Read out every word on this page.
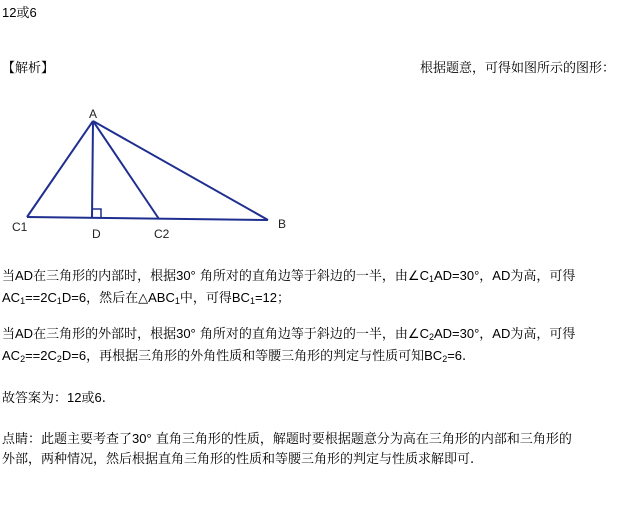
12或6
【解析】	根据题意，可得如图所示的图形：
A
B
C1	D	C2
当AD在三角形的内部时，根据30° 角所对的直角边等于斜边的一半，由$\angle C_1AD=30^\circ$，AD为高，可得
$AC_1==2C_1D=6$，然后在$\triangle ABC_1$中，可得$BC_1=12$；
当AD在三角形的外部时，根据30° 角所对的直角边等于斜边的一半，由$\angle C_2AD=30^\circ$，AD为高，可得
$AC_2==2C_2D=6$，再根据三角形的外角性质和等腰三角形的判定与性质可知$BC_2=6$.
故答案为：12或6.
点睛：此题主要考查了30° 直角三角形的性质，解题时要根据题意分为高在三角形的内部和三角形的
外部，两种情况，然后根据直角三角形的性质和等腰三角形的判定与性质求解即可.
